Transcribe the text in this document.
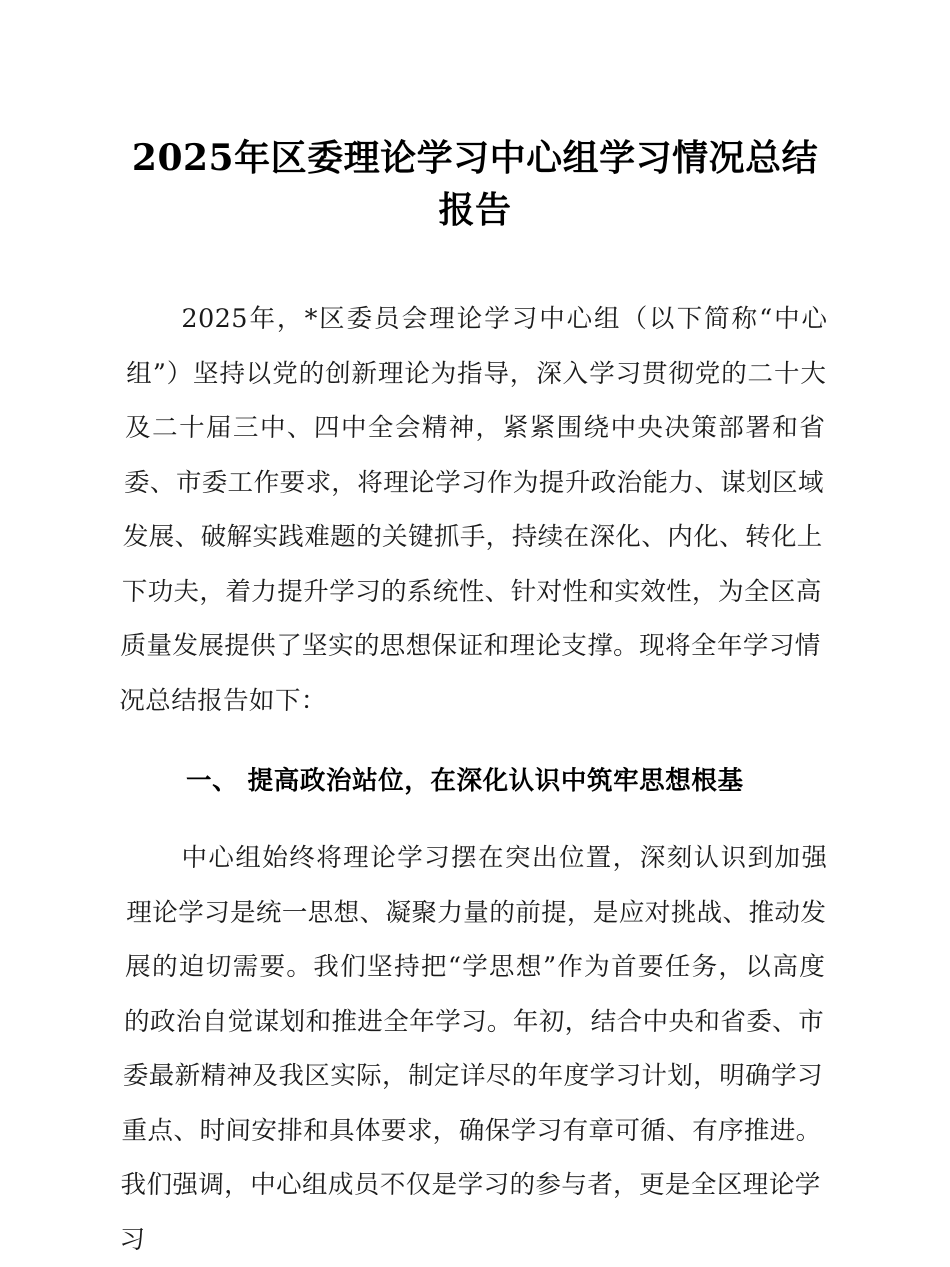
2025年区委理论学习中心组学习情况总结报告

2025年，*区委员会理论学习中心组（以下简称“中心组”）坚持以党的创新理论为指导，深入学习贯彻党的二十大及二十届三中、四中全会精神，紧紧围绕中央决策部署和省委、市委工作要求，将理论学习作为提升政治能力、谋划区域发展、破解实践难题的关键抓手，持续在深化、内化、转化上下功夫，着力提升学习的系统性、针对性和实效性，为全区高质量发展提供了坚实的思想保证和理论支撑。现将全年学习情况总结报告如下：

一、 提高政治站位，在深化认识中筑牢思想根基

中心组始终将理论学习摆在突出位置，深刻认识到加强理论学习是统一思想、凝聚力量的前提，是应对挑战、推动发展的迫切需要。我们坚持把“学思想”作为首要任务，以高度的政治自觉谋划和推进全年学习。年初，结合中央和省委、市委最新精神及我区实际，制定详尽的年度学习计划，明确学习重点、时间安排和具体要求，确保学习有章可循、有序推进。我们强调，中心组成员不仅是学习的参与者，更是全区理论学习
